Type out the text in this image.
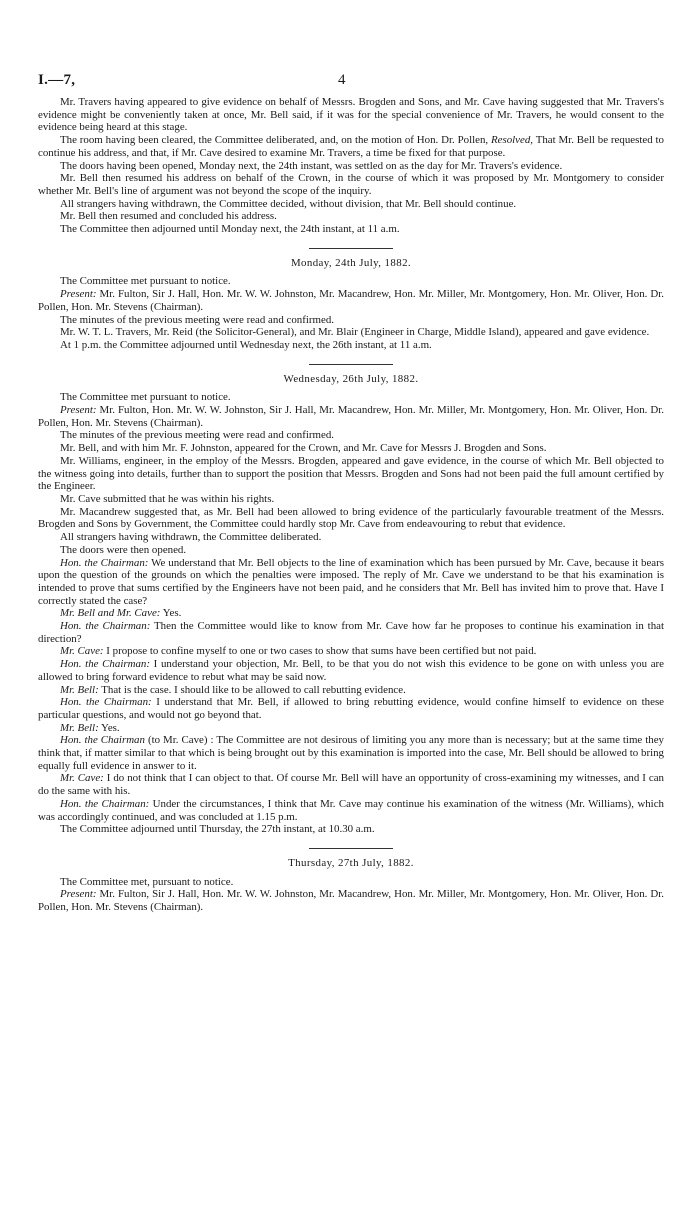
I.—7,	4

Mr. Travers having appeared to give evidence on behalf of Messrs. Brogden and Sons, and Mr. Cave having suggested that Mr. Travers's evidence might be conveniently taken at once, Mr. Bell said, if it was for the special convenience of Mr. Travers, he would consent to the evidence being heard at this stage.

The room having been cleared, the Committee deliberated, and, on the motion of Hon. Dr. Pollen, Resolved, That Mr. Bell be requested to continue his address, and that, if Mr. Cave desired to examine Mr. Travers, a time be fixed for that purpose.

The doors having been opened, Monday next, the 24th instant, was settled on as the day for Mr. Travers's evidence.

Mr. Bell then resumed his address on behalf of the Crown, in the course of which it was proposed by Mr. Montgomery to consider whether Mr. Bell's line of argument was not beyond the scope of the inquiry.

All strangers having withdrawn, the Committee decided, without division, that Mr. Bell should continue.

Mr. Bell then resumed and concluded his address.

The Committee then adjourned until Monday next, the 24th instant, at 11 a.m.

Monday, 24th July, 1882.

The Committee met pursuant to notice.

Present: Mr. Fulton, Sir J. Hall, Hon. Mr. W. W. Johnston, Mr. Macandrew, Hon. Mr. Miller, Mr. Montgomery, Hon. Mr. Oliver, Hon. Dr. Pollen, Hon. Mr. Stevens (Chairman).

The minutes of the previous meeting were read and confirmed.

Mr. W. T. L. Travers, Mr. Reid (the Solicitor-General), and Mr. Blair (Engineer in Charge, Middle Island), appeared and gave evidence.

At 1 p.m. the Committee adjourned until Wednesday next, the 26th instant, at 11 a.m.

Wednesday, 26th July, 1882.

The Committee met pursuant to notice.

Present: Mr. Fulton, Hon. Mr. W. W. Johnston, Sir J. Hall, Mr. Macandrew, Hon. Mr. Miller, Mr. Montgomery, Hon. Mr. Oliver, Hon. Dr. Pollen, Hon. Mr. Stevens (Chairman).

The minutes of the previous meeting were read and confirmed.

Mr. Bell, and with him Mr. F. Johnston, appeared for the Crown, and Mr. Cave for Messrs J. Brogden and Sons.

Mr. Williams, engineer, in the employ of the Messrs. Brogden, appeared and gave evidence, in the course of which Mr. Bell objected to the witness going into details, further than to support the position that Messrs. Brogden and Sons had not been paid the full amount certified by the Engineer.

Mr. Cave submitted that he was within his rights.

Mr. Macandrew suggested that, as Mr. Bell had been allowed to bring evidence of the particularly favourable treatment of the Messrs. Brogden and Sons by Government, the Committee could hardly stop Mr. Cave from endeavouring to rebut that evidence.

All strangers having withdrawn, the Committee deliberated.

The doors were then opened.

Hon. the Chairman: We understand that Mr. Bell objects to the line of examination which has been pursued by Mr. Cave, because it bears upon the question of the grounds on which the penalties were imposed. The reply of Mr. Cave we understand to be that his examination is intended to prove that sums certified by the Engineers have not been paid, and he considers that Mr. Bell has invited him to prove that. Have I correctly stated the case?

Mr. Bell and Mr. Cave: Yes.

Hon. the Chairman: Then the Committee would like to know from Mr. Cave how far he proposes to continue his examination in that direction?

Mr. Cave: I propose to confine myself to one or two cases to show that sums have been certified but not paid.

Hon. the Chairman: I understand your objection, Mr. Bell, to be that you do not wish this evidence to be gone on with unless you are allowed to bring forward evidence to rebut what may be said now.

Mr. Bell: That is the case. I should like to be allowed to call rebutting evidence.

Hon. the Chairman: I understand that Mr. Bell, if allowed to bring rebutting evidence, would confine himself to evidence on these particular questions, and would not go beyond that.

Mr. Bell: Yes.

Hon. the Chairman (to Mr. Cave) : The Committee are not desirous of limiting you any more than is necessary; but at the same time they think that, if matter similar to that which is being brought out by this examination is imported into the case, Mr. Bell should be allowed to bring equally full evidence in answer to it.

Mr. Cave: I do not think that I can object to that. Of course Mr. Bell will have an opportunity of cross-examining my witnesses, and I can do the same with his.

Hon. the Chairman: Under the circumstances, I think that Mr. Cave may continue his examination of the witness (Mr. Williams), which was accordingly continued, and was concluded at 1.15 p.m.

The Committee adjourned until Thursday, the 27th instant, at 10.30 a.m.

Thursday, 27th July, 1882.

The Committee met, pursuant to notice.

Present: Mr. Fulton, Sir J. Hall, Hon. Mr. W. W. Johnston, Mr. Macandrew, Hon. Mr. Miller, Mr. Montgomery, Hon. Mr. Oliver, Hon. Dr. Pollen, Hon. Mr. Stevens (Chairman).
